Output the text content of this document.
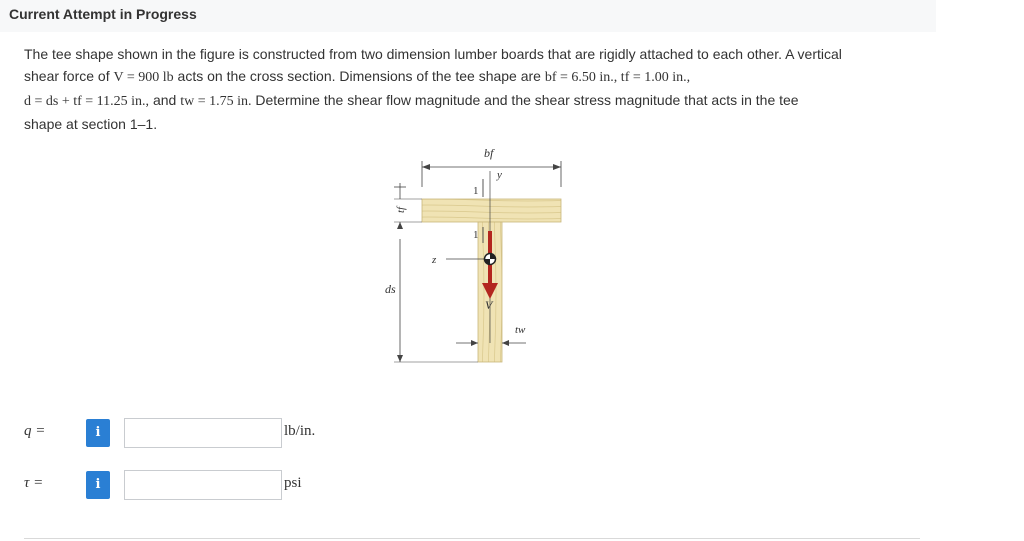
Current Attempt in Progress
The tee shape shown in the figure is constructed from two dimension lumber boards that are rigidly attached to each other. A vertical
shear force of V = 900 lb acts on the cross section. Dimensions of the tee shape are bf = 6.50 in., tf = 1.00 in.,
d = ds + tf = 11.25 in., and tw = 1.75 in. Determine the shear flow magnitude and the shear stress magnitude that acts in the tee
shape at section 1–1.
bf
y
1
1
tf
ds
z
V
tw
q =	i	lb/in.
τ =	i	psi
